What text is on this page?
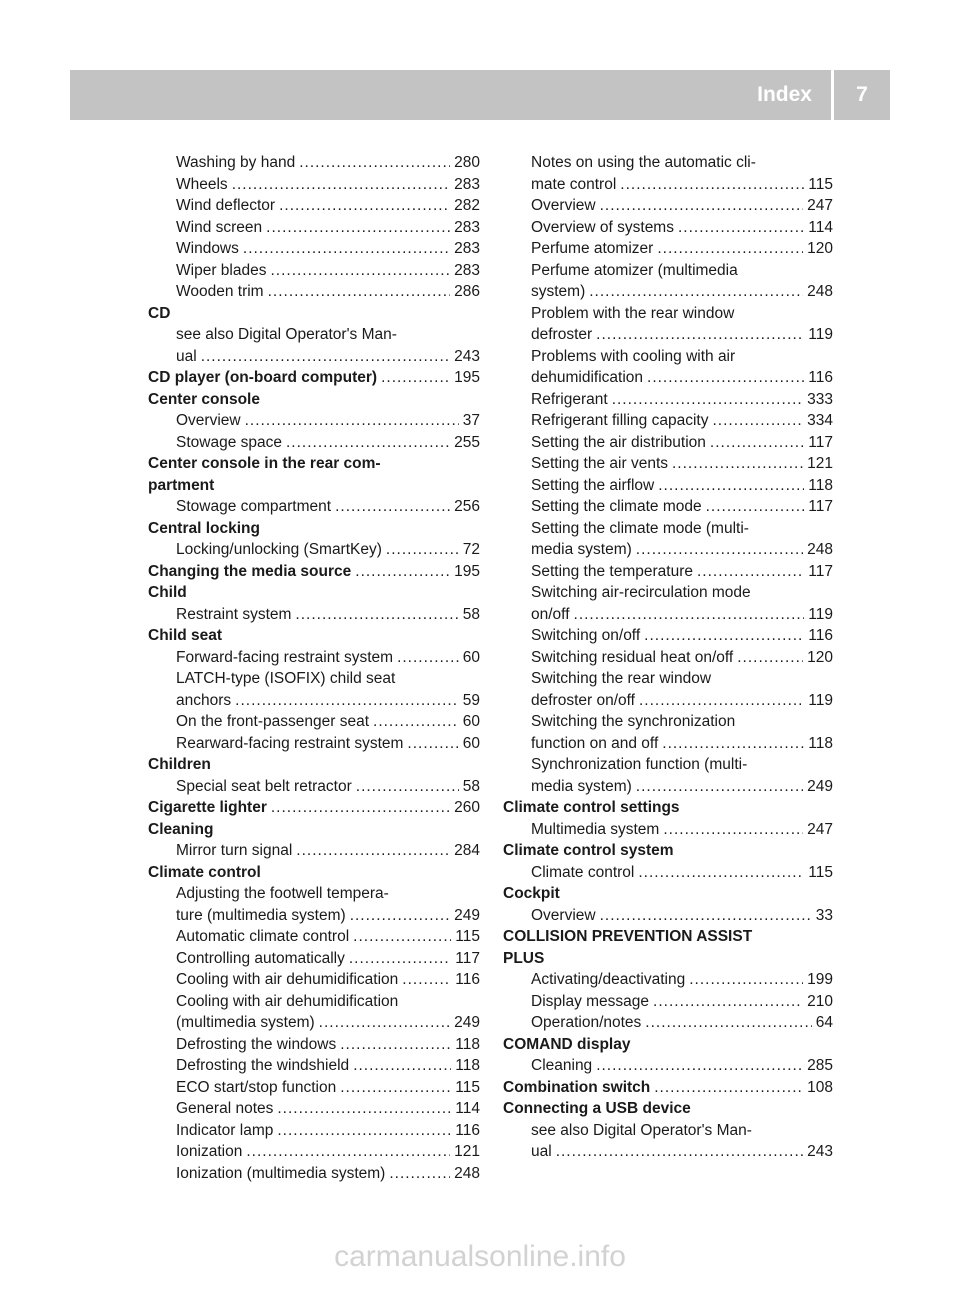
Index	7
Washing by hand .....	280
Wheels .....	283
Wind deflector .....	282
Wind screen .....	283
Windows .....	283
Wiper blades .....	283
Wooden trim .....	286
CD
see also Digital Operator's Man-
ual .....	243
CD player (on-board computer) .....	195
Center console
Overview .....	37
Stowage space .....	255
Center console in the rear com-
partment
Stowage compartment .....	256
Central locking
Locking/unlocking (SmartKey) .....	72
Changing the media source .....	195
Child
Restraint system .....	58
Child seat
Forward-facing restraint system .....	60
LATCH-type (ISOFIX) child seat
anchors .....	59
On the front-passenger seat .....	60
Rearward-facing restraint system .....	60
Children
Special seat belt retractor .....	58
Cigarette lighter .....	260
Cleaning
Mirror turn signal .....	284
Climate control
Adjusting the footwell tempera-
ture (multimedia system) .....	249
Automatic climate control .....	115
Controlling automatically .....	117
Cooling with air dehumidification .....	116
Cooling with air dehumidification
(multimedia system) .....	249
Defrosting the windows .....	118
Defrosting the windshield .....	118
ECO start/stop function .....	115
General notes .....	114
Indicator lamp .....	116
Ionization .....	121
Ionization (multimedia system) .....	248
Notes on using the automatic cli-
mate control .....	115
Overview .....	247
Overview of systems .....	114
Perfume atomizer .....	120
Perfume atomizer (multimedia
system) .....	248
Problem with the rear window
defroster .....	119
Problems with cooling with air
dehumidification .....	116
Refrigerant .....	333
Refrigerant filling capacity .....	334
Setting the air distribution .....	117
Setting the air vents .....	121
Setting the airflow .....	118
Setting the climate mode .....	117
Setting the climate mode (multi-
media system) .....	248
Setting the temperature .....	117
Switching air-recirculation mode
on/off .....	119
Switching on/off .....	116
Switching residual heat on/off .....	120
Switching the rear window
defroster on/off .....	119
Switching the synchronization
function on and off .....	118
Synchronization function (multi-
media system) .....	249
Climate control settings
Multimedia system .....	247
Climate control system
Climate control .....	115
Cockpit
Overview .....	33
COLLISION PREVENTION ASSIST
PLUS
Activating/deactivating .....	199
Display message .....	210
Operation/notes .....	64
COMAND display
Cleaning .....	285
Combination switch .....	108
Connecting a USB device
see also Digital Operator's Man-
ual .....	243
carmanualsonline.info
